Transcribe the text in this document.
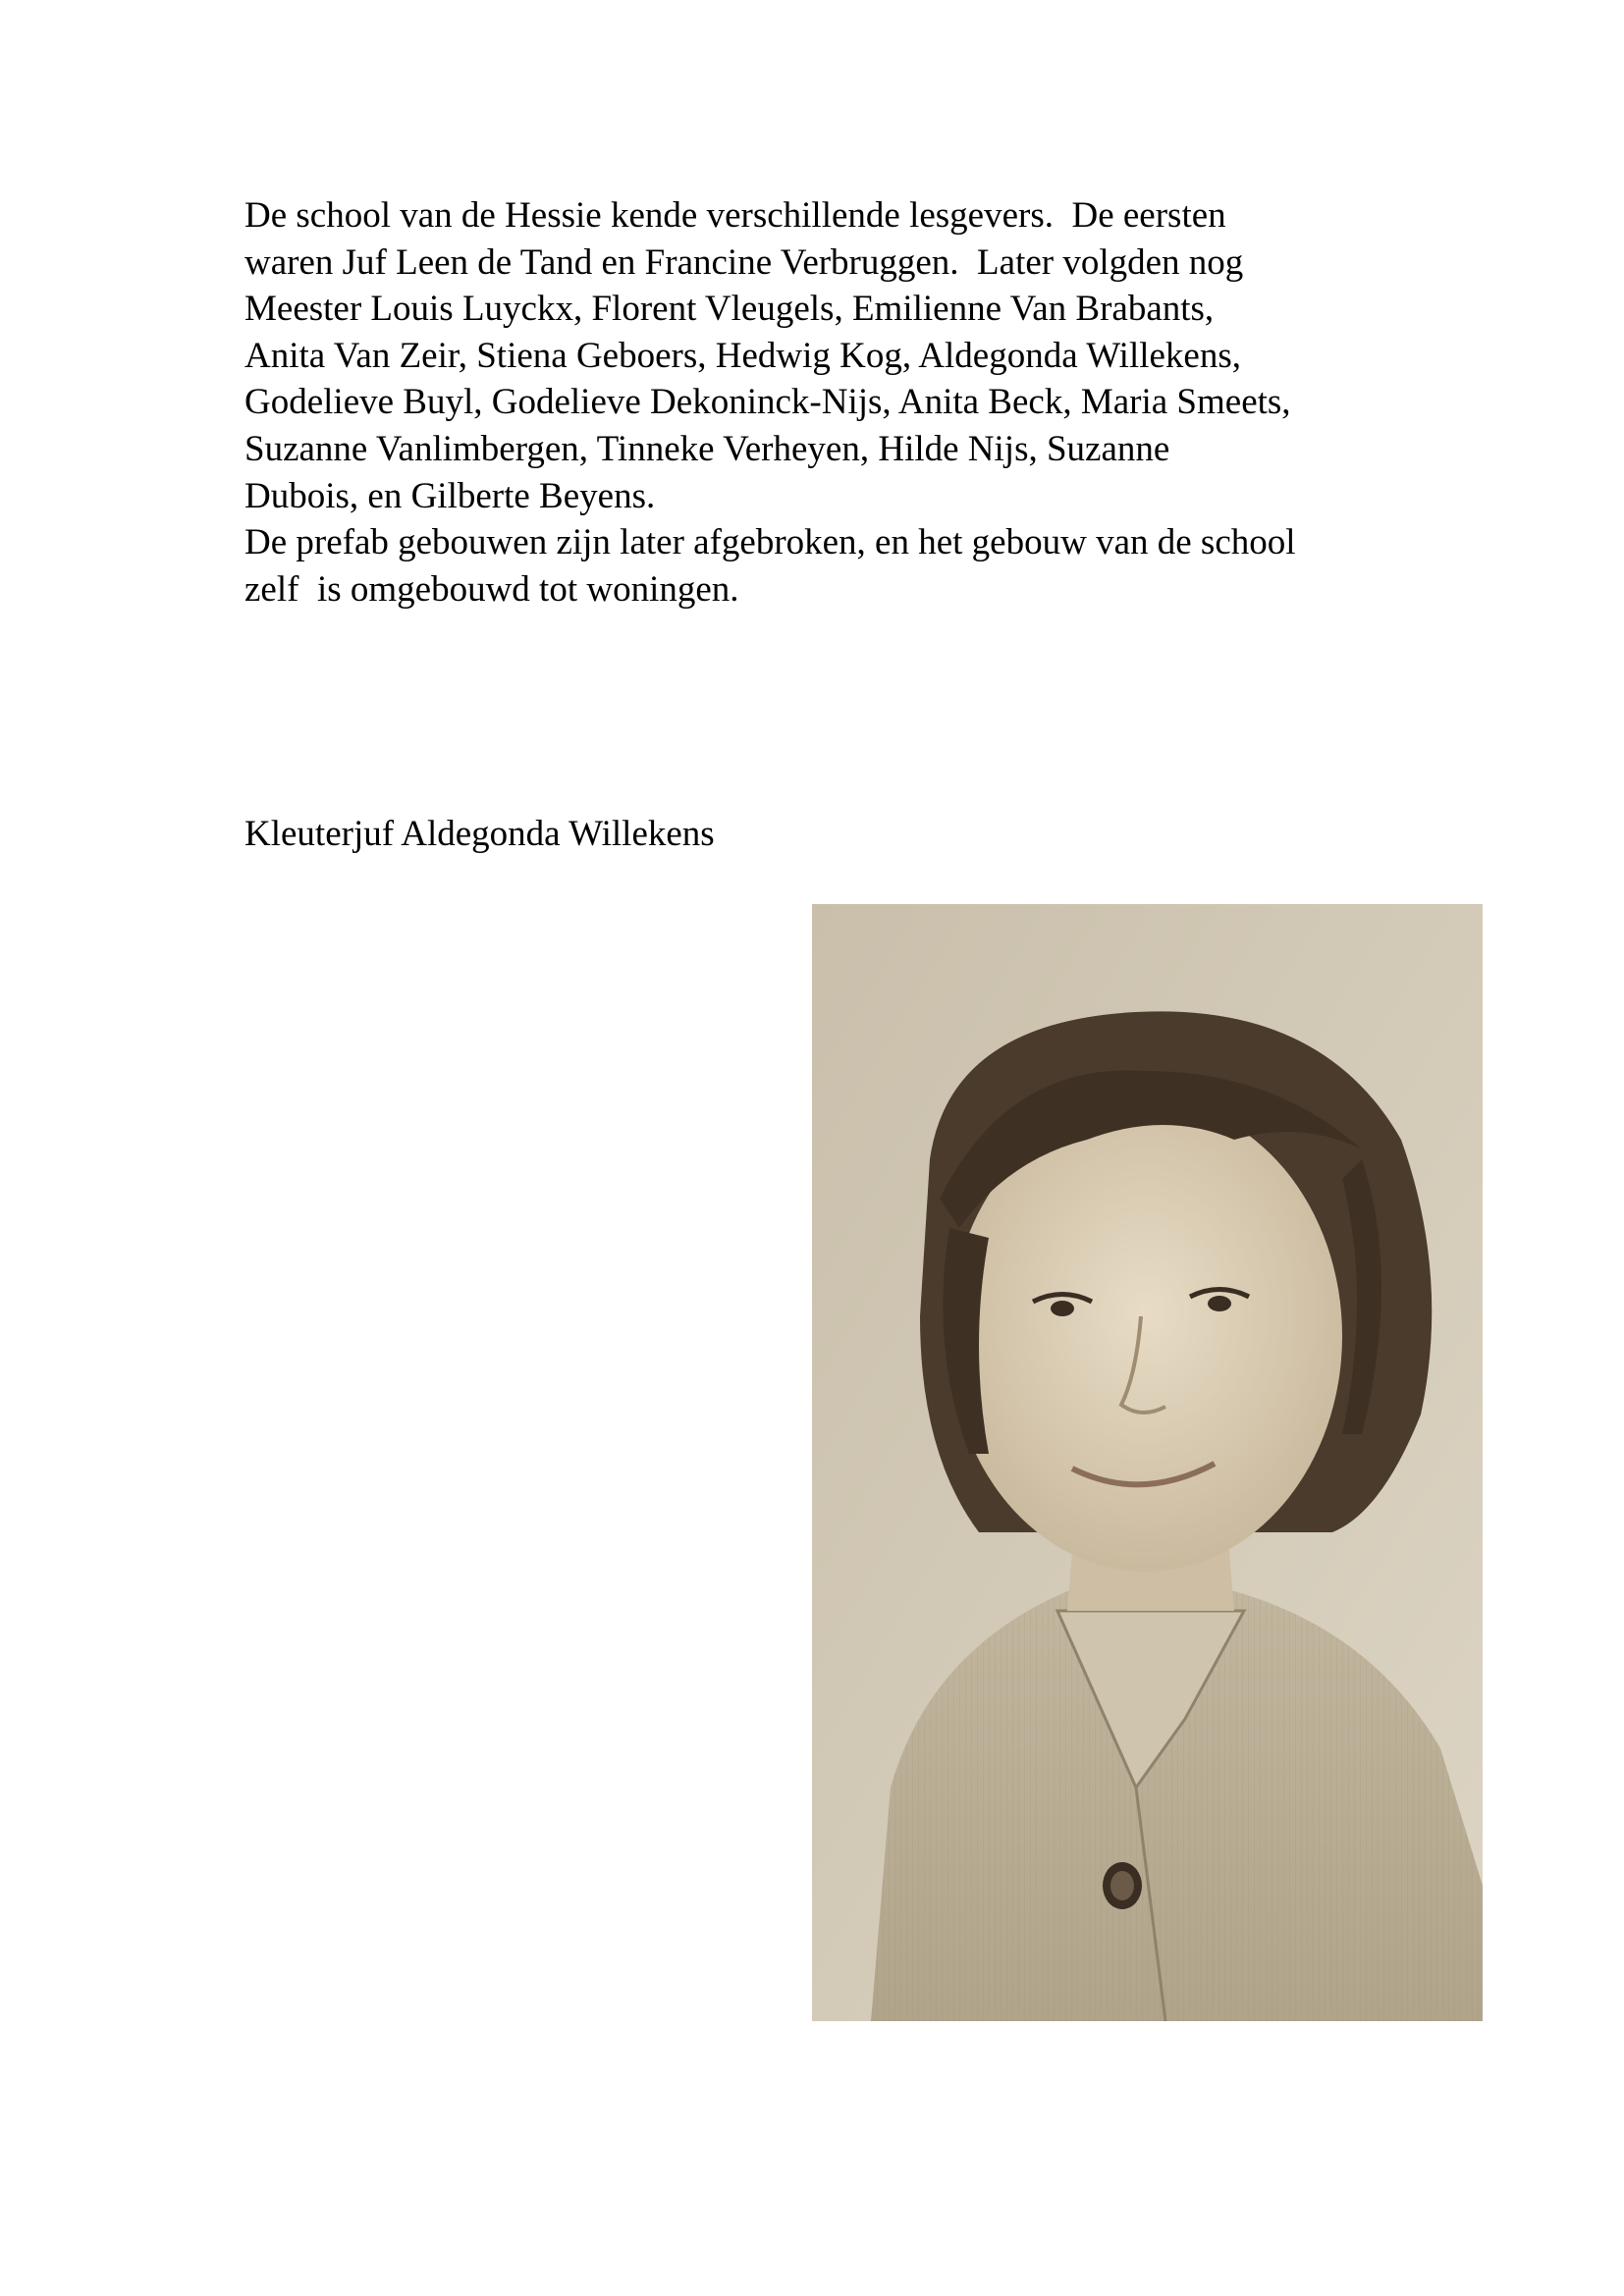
De school van de Hessie kende verschillende lesgevers.  De eersten
waren Juf Leen de Tand en Francine Verbruggen.  Later volgden nog
Meester Louis Luyckx, Florent Vleugels, Emilienne Van Brabants,
Anita Van Zeir, Stiena Geboers, Hedwig Kog, Aldegonda Willekens,
Godelieve Buyl, Godelieve Dekoninck-Nijs, Anita Beck, Maria Smeets,
Suzanne Vanlimbergen, Tinneke Verheyen, Hilde Nijs, Suzanne
Dubois, en Gilberte Beyens.
De prefab gebouwen zijn later afgebroken, en het gebouw van de school
zelf  is omgebouwd tot woningen.
Kleuterjuf Aldegonda Willekens
